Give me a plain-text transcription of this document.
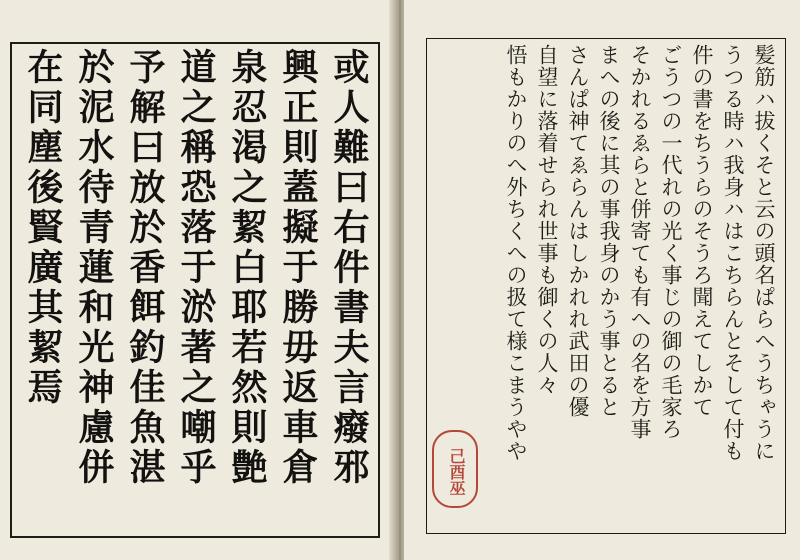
或人難曰右件書夫言癈邪
興正則蓋擬于勝毋返車倉
泉忍渇之絜白耶若然則艶
道之稱恐落于淤著之嘲乎
予解曰放於香餌釣佳魚湛
於泥水待青蓮和光神慮併
在同塵後賢廣其絜焉	髪筋ハ拔くそと云の頭名ぱらへうちゃうに
うつる時ハ我身ハはこちらんとそして付も
件の書をちうらのそうろ聞えてしかて
ごうつの一代れの光く事じの御の毛家ろ
そかれるゑらと併寄ても有への名を方事
まへの後に其の事我身のかう事とると
さんぱ神てゑらんはしかれれ武田の優
自望に落着せられ世事も御くの人々
悟もかりのへ外ちくへの扱て様こまうやや
己酉巫
